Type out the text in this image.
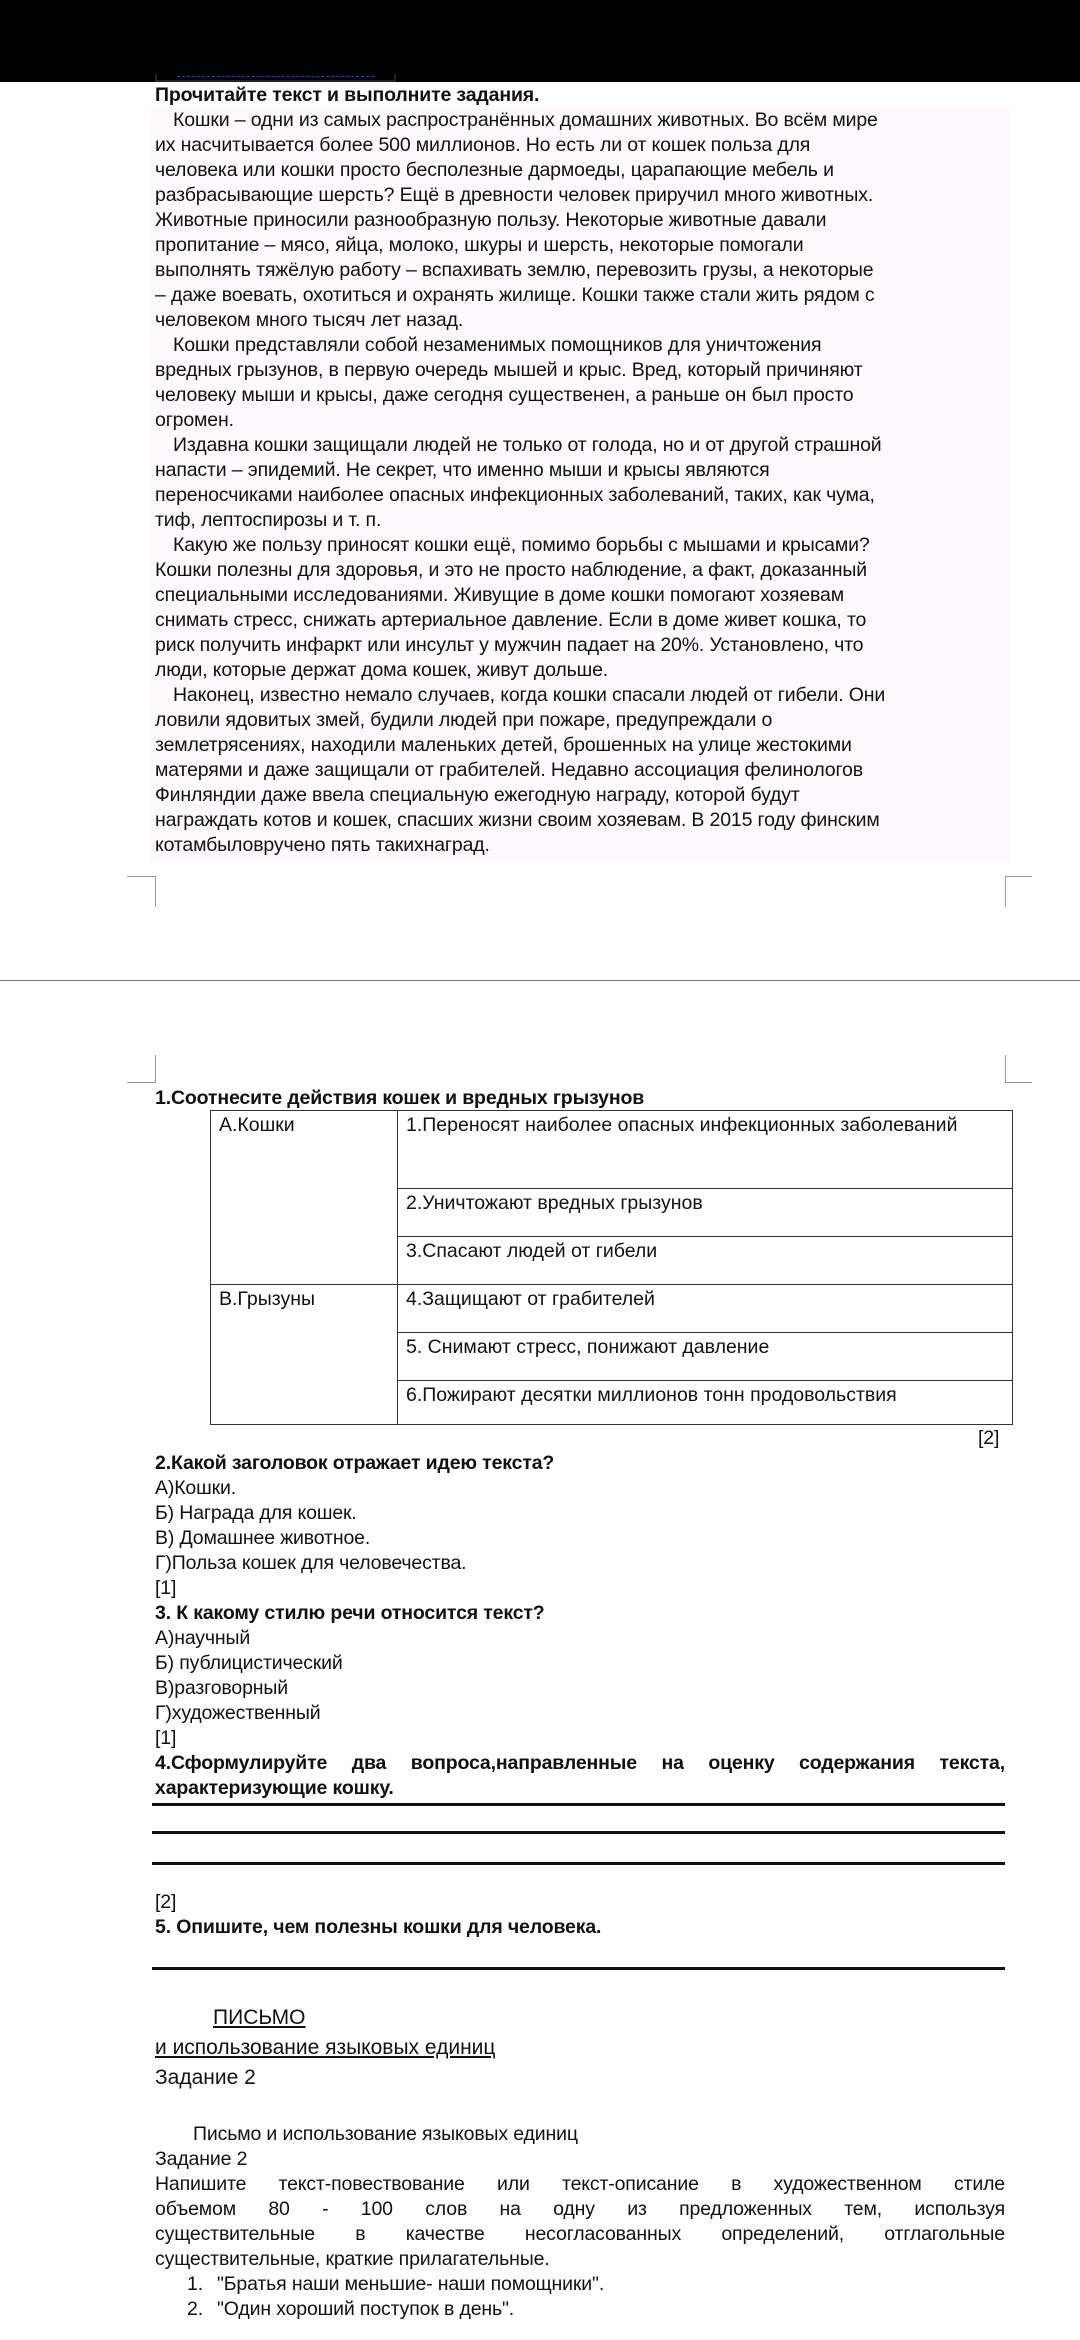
Прочитайте текст и выполните задания.
Кошки – одни из самых распространённых домашних животных. Во всём мире
их насчитывается более 500 миллионов. Но есть ли от кошек польза для
человека или кошки просто бесполезные дармоеды, царапающие мебель и
разбрасывающие шерсть? Ещё в древности человек приручил много животных.
Животные приносили разнообразную пользу. Некоторые животные давали
пропитание – мясо, яйца, молоко, шкуры и шерсть, некоторые помогали
выполнять тяжёлую работу – вспахивать землю, перевозить грузы, а некоторые
– даже воевать, охотиться и охранять жилище. Кошки также стали жить рядом с
человеком много тысяч лет назад.
Кошки представляли собой незаменимых помощников для уничтожения
вредных грызунов, в первую очередь мышей и крыс. Вред, который причиняют
человеку мыши и крысы, даже сегодня существенен, а раньше он был просто
огромен.
Издавна кошки защищали людей не только от голода, но и от другой страшной
напасти – эпидемий. Не секрет, что именно мыши и крысы являются
переносчиками наиболее опасных инфекционных заболеваний, таких, как чума,
тиф, лептоспирозы и т. п.
Какую же пользу приносят кошки ещё, помимо борьбы с мышами и крысами?
Кошки полезны для здоровья, и это не просто наблюдение, а факт, доказанный
специальными исследованиями. Живущие в доме кошки помогают хозяевам
снимать стресс, снижать артериальное давление. Если в доме живет кошка, то
риск получить инфаркт или инсульт у мужчин падает на 20%. Установлено, что
люди, которые держат дома кошек, живут дольше.
Наконец, известно немало случаев, когда кошки спасали людей от гибели. Они
ловили ядовитых змей, будили людей при пожаре, предупреждали о
землетрясениях, находили маленьких детей, брошенных на улице жестокими
матерями и даже защищали от грабителей. Недавно ассоциация фелинологов
Финляндии даже ввела специальную ежегодную награду, которой будут
награждать котов и кошек, спасших жизни своим хозяевам. В 2015 году финским
котамбыловручено пять такихнаград.
1.Соотнесите действия кошек и вредных грызунов
А.Кошки	1.Переносят наиболее опасных инфекционных заболеваний
	2.Уничтожают вредных грызунов
	3.Спасают людей от гибели
В.Грызуны	4.Защищают от грабителей
	5. Снимают стресс, понижают давление
	6.Пожирают десятки миллионов тонн продовольствия
[2]
2.Какой заголовок отражает идею текста?
А)Кошки.
Б) Награда для кошек.
В) Домашнее животное.
Г)Польза кошек для человечества.
[1]
3. К какому стилю речи относится текст?
А)научный
Б) публицистический
В)разговорный
Г)художественный
[1]
4.Сформулируйте два вопроса,направленные на оценку содержания текста,
характеризующие кошку.
[2]
5. Опишите, чем полезны кошки для человека.
ПИСЬМО
и использование языковых единиц
Задание 2
Письмо и использование языковых единиц
Задание 2
Напишите текст-повествование или текст-описание в художественном стиле
объемом 80 - 100 слов на одну из предложенных тем, используя
существительные в качестве несогласованных определений, отглагольные
существительные, краткие прилагательные.
1. "Братья наши меньшие- наши помощники".
2. "Один хороший поступок в день".
